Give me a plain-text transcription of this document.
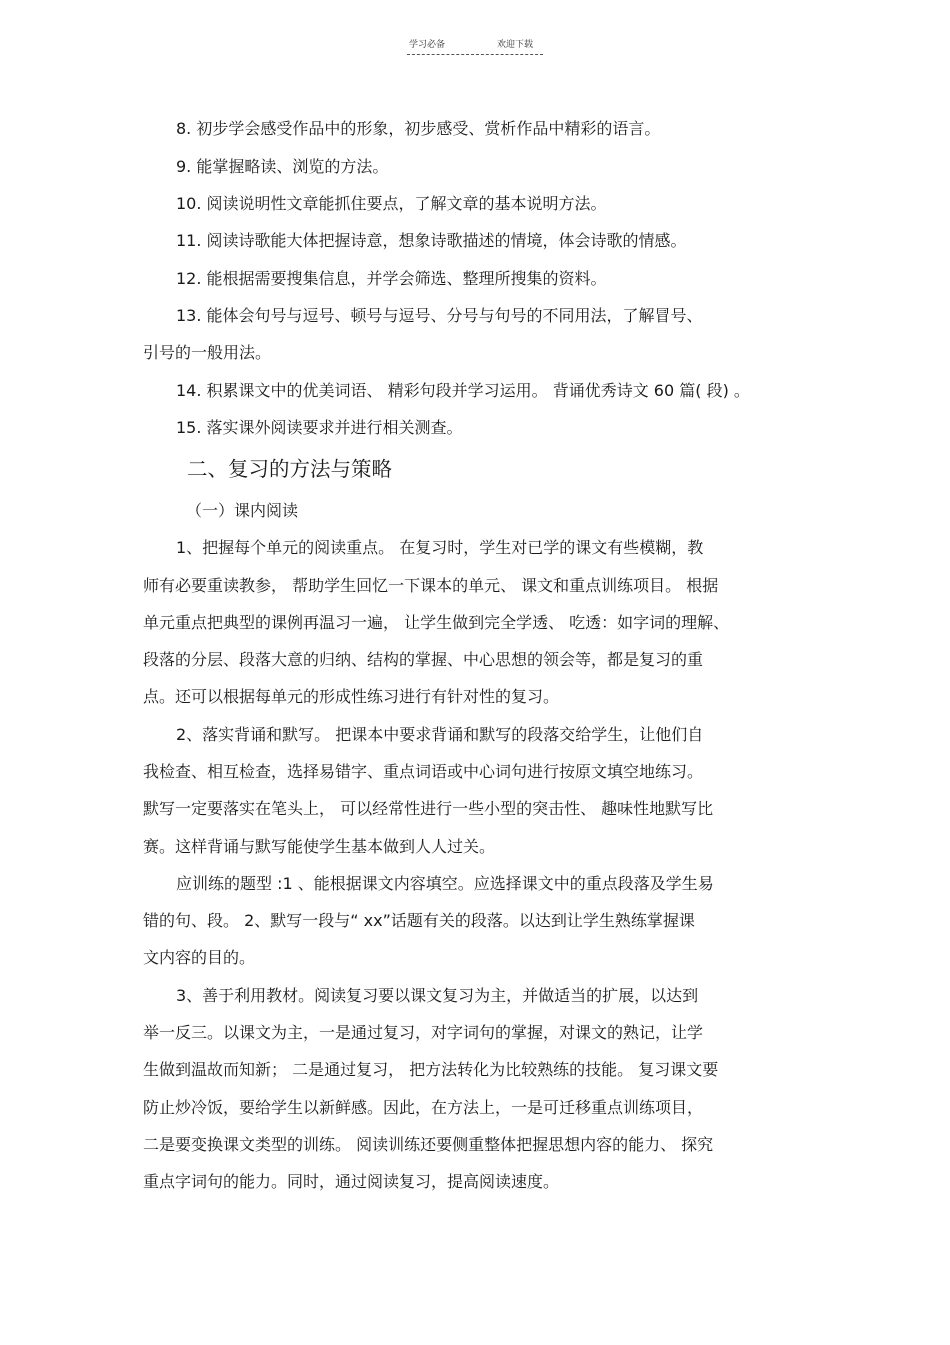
学习必备	欢迎下载
8. 初步学会感受作品中的形象，初步感受、赏析作品中精彩的语言。
9. 能掌握略读、浏览的方法。
10. 阅读说明性文章能抓住要点，了解文章的基本说明方法。
11. 阅读诗歌能大体把握诗意，想象诗歌描述的情境，体会诗歌的情感。
12. 能根据需要搜集信息，并学会筛选、整理所搜集的资料。
13. 能体会句号与逗号、顿号与逗号、分号与句号的不同用法，了解冒号、
引号的一般用法。
14. 积累课文中的优美词语、 精彩句段并学习运用。 背诵优秀诗文 60 篇( 段) 。
15. 落实课外阅读要求并进行相关测查。
二、复习的方法与策略
（一）课内阅读
1、把握每个单元的阅读重点。 在复习时，学生对已学的课文有些模糊，教
师有必要重读教参， 帮助学生回忆一下课本的单元、 课文和重点训练项目。 根据
单元重点把典型的课例再温习一遍， 让学生做到完全学透、 吃透：如字词的理解、
段落的分层、段落大意的归纳、结构的掌握、中心思想的领会等，都是复习的重
点。还可以根据每单元的形成性练习进行有针对性的复习。
2、落实背诵和默写。 把课本中要求背诵和默写的段落交给学生，让他们自
我检查、相互检查，选择易错字、重点词语或中心词句进行按原文填空地练习。
默写一定要落实在笔头上， 可以经常性进行一些小型的突击性、 趣味性地默写比
赛。这样背诵与默写能使学生基本做到人人过关。
应训练的题型 :1 、能根据课文内容填空。应选择课文中的重点段落及学生易
错的句、段。 2、默写一段与“ xx”话题有关的段落。以达到让学生熟练掌握课
文内容的目的。
3、善于利用教材。阅读复习要以课文复习为主，并做适当的扩展，以达到
举一反三。以课文为主，一是通过复习，对字词句的掌握，对课文的熟记，让学
生做到温故而知新； 二是通过复习， 把方法转化为比较熟练的技能。 复习课文要
防止炒冷饭，要给学生以新鲜感。因此，在方法上，一是可迁移重点训练项目，
二是要变换课文类型的训练。 阅读训练还要侧重整体把握思想内容的能力、 探究
重点字词句的能力。同时，通过阅读复习，提高阅读速度。
